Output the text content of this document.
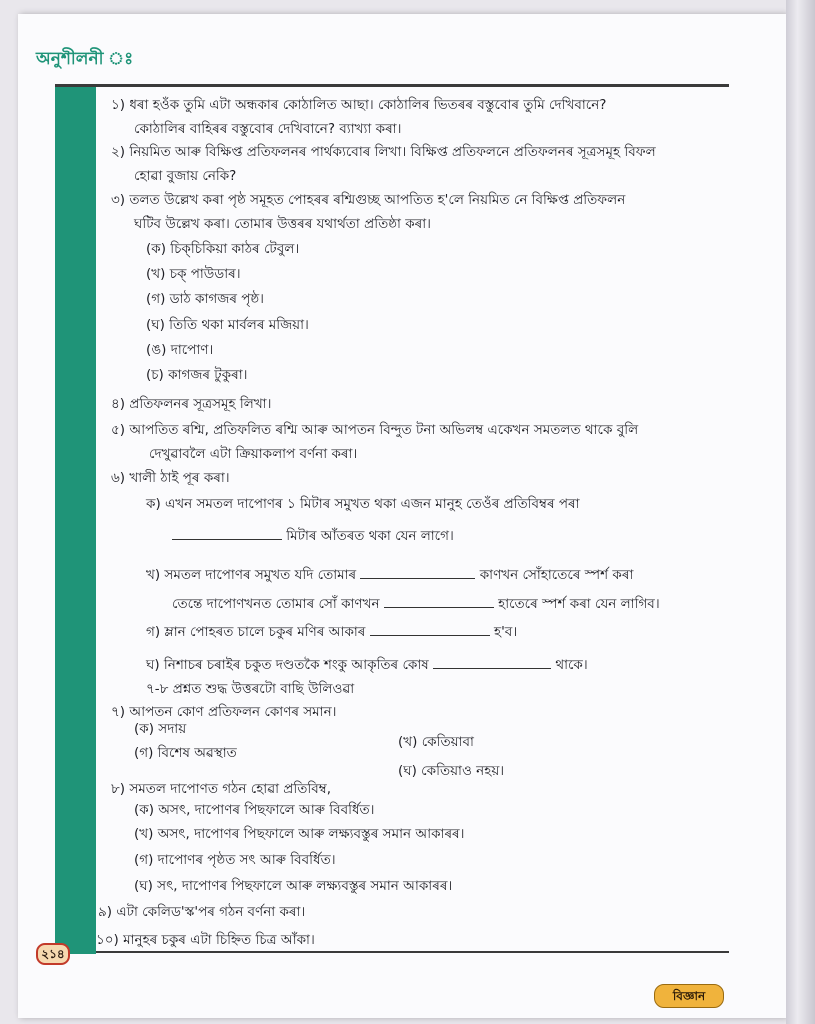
অনুশীলনী ঃ
১) ধৰা হওঁক তুমি এটা অন্ধকাৰ কোঠালিত আছা। কোঠালিৰ ভিতৰৰ বস্তুবোৰ তুমি দেখিবানে?
কোঠালিৰ বাহিৰৰ বস্তুবোৰ দেখিবানে? ব্যাখ্যা কৰা।
২) নিয়মিত আৰু বিক্ষিপ্ত প্ৰতিফলনৰ পাৰ্থক্যবোৰ লিখা। বিক্ষিপ্ত প্ৰতিফলনে প্ৰতিফলনৰ সূত্ৰসমূহ বিফল
হোৱা বুজায় নেকি?
৩) তলত উল্লেখ কৰা পৃষ্ঠ সমূহত পোহৰৰ ৰশ্মিগুচ্ছ আপতিত হ'লে নিয়মিত নে বিক্ষিপ্ত প্ৰতিফলন
ঘটিব উল্লেখ কৰা। তোমাৰ উত্তৰৰ যথাৰ্থতা প্ৰতিষ্ঠা কৰা।
(ক) চিক্‌চিকিয়া কাঠৰ টেবুল।
(খ) চক্ পাউডাৰ।
(গ) ডাঠ কাগজৰ পৃষ্ঠ।
(ঘ) তিতি থকা মাৰ্বলৰ মজিয়া।
(ঙ) দাপোণ।
(চ) কাগজৰ টুকুৰা।
৪) প্ৰতিফলনৰ সূত্ৰসমূহ লিখা।
৫) আপতিত ৰশ্মি, প্ৰতিফলিত ৰশ্মি আৰু আপতন বিন্দুত টনা অভিলম্ব একেখন সমতলত থাকে বুলি
দেখুৱাবলৈ এটা ক্ৰিয়াকলাপ বৰ্ণনা কৰা।
৬) খালী ঠাই পূৰ কৰা।
ক) এখন সমতল দাপোণৰ ১ মিটাৰ সমুখত থকা এজন মানুহ তেওঁৰ প্ৰতিবিম্বৰ পৰা
মিটাৰ আঁতৰত থকা যেন লাগে।
খ) সমতল দাপোণৰ সমুখত যদি তোমাৰ	কাণখন সোঁহাতেৰে স্পৰ্শ কৰা
তেন্তে দাপোণখনত তোমাৰ সোঁ কাণখন	হাতেৰে স্পৰ্শ কৰা যেন লাগিব।
গ) ম্লান পোহৰত চালে চকুৰ মণিৰ আকাৰ	হ'ব।
ঘ) নিশাচৰ চৰাইৰ চকুত দণ্ডতকৈ শংকু আকৃতিৰ কোষ	থাকে।
৭-৮ প্ৰশ্নত শুদ্ধ উত্তৰটো বাছি উলিওৱা
৭) আপতন কোণ প্ৰতিফলন কোণৰ সমান।
(ক) সদায়
(খ) কেতিয়াবা
(গ) বিশেষ অৱস্থাত
(ঘ) কেতিয়াও নহয়।
৮) সমতল দাপোণত গঠন হোৱা প্ৰতিবিম্ব,
(ক) অসৎ, দাপোণৰ পিছফালে আৰু বিবৰ্ধিত।
(খ) অসৎ, দাপোণৰ পিছফালে আৰু লক্ষ্যবস্তুৰ সমান আকাৰৰ।
(গ) দাপোণৰ পৃষ্ঠত সৎ আৰু বিবৰ্ধিত।
(ঘ) সৎ, দাপোণৰ পিছফালে আৰু লক্ষ্যবস্তুৰ সমান আকাৰৰ।
৯) এটা কেলিড'স্ক'পৰ গঠন বৰ্ণনা কৰা।
১০) মানুহৰ চকুৰ এটা চিহ্নিত চিত্ৰ আঁকা।
২১৪
বিজ্ঞান
